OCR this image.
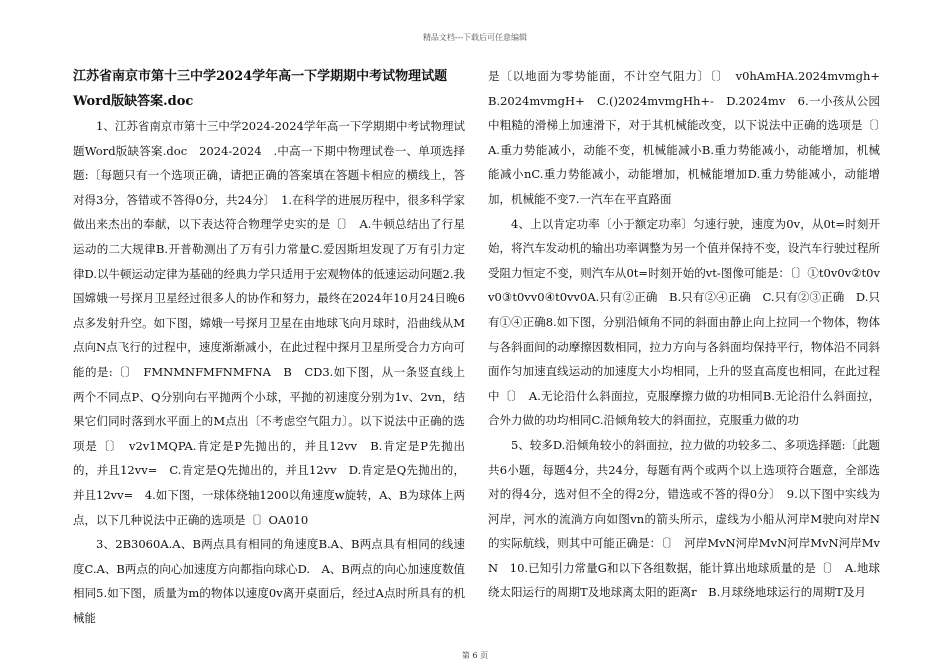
精品文档---下载后可任意编辑

江苏省南京市第十三中学2024学年高一下学期期中考试物理试题

Word版缺答案.doc

1、江苏省南京市第十三中学2024-2024学年高一下学期期中考试物理试题Word版缺答案.doc　2024-2024　.中高一下期中物理试卷一、单项选择题:〔每题只有一个选项正确，请把正确的答案填在答题卡相应的横线上，答对得3分，答错或不答得0分，共24分〕　1.在科学的进展历程中，很多科学家做出来杰出的奉献，以下表达符合物理学史实的是〔〕　A.牛顿总结出了行星运动的二大规律B.开普勒测出了万有引力常量C.爱因斯坦发现了万有引力定律D.以牛顿运动定律为基础的经典力学只适用于宏观物体的低速运动问题2.我国嫦娥一号探月卫星经过很多人的协作和努力，最终在2024年10月24日晚6点多发射升空。如下图，嫦娥一号探月卫星在由地球飞向月球时，沿曲线从M点向N点飞行的过程中，速度渐渐减小，在此过程中探月卫星所受合力方向可能的是:〔〕　FMNMNFMFNMFNA　B　CD3.如下图，从一条竖直线上两个不同点P、Q分别向右平抛两个小球，平抛的初速度分别为1v、2vn，结果它们同时落到水平面上的M点出〔不考虑空气阻力〕。以下说法中正确的选项是〔〕　v2v1MQPA.肯定是P先抛出的，并且12vv　B.肯定是P先抛出的，并且12vv=　C.肯定是Q先抛出的，并且12vv　D.肯定是Q先抛出的，并且12vv=　4.如下图，一球体绕轴1200以角速度w旋转，A、B为球体上两点，以下几种说法中正确的选项是〔〕OA010

3、2B3060A.A、B两点具有相同的角速度B.A、B两点具有相同的线速度C.A、B两点的向心加速度方向都指向球心D.　A、B两点的向心加速度数值相同5.如下图，质量为m的物体以速度0v离开桌面后，经过A点时所具有的机械能

是〔以地面为零势能面，不计空气阻力〕〔〕　v0hAmHA.2024mvmgh+　B.2024mvmgH+　C.()2024mvmgHh+-　D.2024mv　6.一小孩从公园中粗糙的滑梯上加速滑下，对于其机械能改变，以下说法中正确的选项是〔〕　A.重力势能减小，动能不变，机械能减小B.重力势能减小，动能增加，机械能减小nC.重力势能减小，动能增加，机械能增加D.重力势能减小，动能增加，机械能不变7.一汽车在平直路面

4、上以肯定功率〔小于额定功率〕匀速行驶，速度为0v，从0t=时刻开始，将汽车发动机的输出功率调整为另一个值并保持不变，设汽车行驶过程所受阻力恒定不变，则汽车从0t=时刻开始的vt-图像可能是：〔〕①t0v0v②t0vv0③t0vv0④t0vv0A.只有②正确　B.只有②④正确　C.只有②③正确　D.只有①④正确8.如下图，分别沿倾角不同的斜面由静止向上拉同一个物体，物体与各斜面间的动摩擦因数相同，拉力方向与各斜面均保持平行，物体沿不同斜面作匀加速直线运动的加速度大小均相同，上升的竖直高度也相同，在此过程中〔〕　A.无论沿什么斜面拉，克服摩擦力做的功相同B.无论沿什么斜面拉，合外力做的功均相同C.沿倾角较大的斜面拉，克服重力做的功

5、较多D.沿倾角较小的斜面拉，拉力做的功较多二、多项选择题:〔此题共6小题，每题4分，共24分，每题有两个或两个以上选项符合题意，全部选对的得4分，选对但不全的得2分，错选或不答的得0分〕　9.以下图中实线为河岸，河水的流淌方向如图vn的箭头所示，虚线为小船从河岸M驶向对岸N的实际航线，则其中可能正确是：〔〕　河岸MvN河岸MvN河岸MvN河岸MvN　10.已知引力常量G和以下各组数据，能计算出地球质量的是〔〕　A.地球绕太阳运行的周期T及地球离太阳的距离r　B.月球绕地球运行的周期T及月

第 6 页
